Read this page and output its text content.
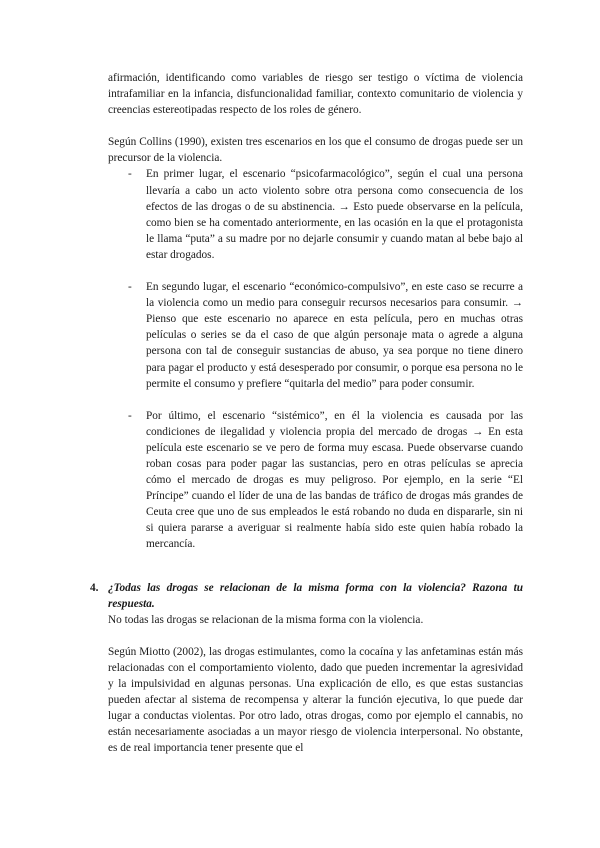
afirmación, identificando como variables de riesgo ser testigo o víctima de violencia intrafamiliar en la infancia, disfuncionalidad familiar, contexto comunitario de violencia y creencias estereotipadas respecto de los roles de género.

Según Collins (1990), existen tres escenarios en los que el consumo de drogas puede ser un precursor de la violencia.

- En primer lugar, el escenario “psicofarmacológico”, según el cual una persona llevaría a cabo un acto violento sobre otra persona como consecuencia de los efectos de las drogas o de su abstinencia. → Esto puede observarse en la película, como bien se ha comentado anteriormente, en las ocasión en la que el protagonista le llama “puta” a su madre por no dejarle consumir y cuando matan al bebe bajo al estar drogados.
- En segundo lugar, el escenario “económico-compulsivo”, en este caso se recurre a la violencia como un medio para conseguir recursos necesarios para consumir. → Pienso que este escenario no aparece en esta película, pero en muchas otras películas o series se da el caso de que algún personaje mata o agrede a alguna persona con tal de conseguir sustancias de abuso, ya sea porque no tiene dinero para pagar el producto y está desesperado por consumir, o porque esa persona no le permite el consumo y prefiere “quitarla del medio” para poder consumir.
- Por último, el escenario “sistémico”, en él la violencia es causada por las condiciones de ilegalidad y violencia propia del mercado de drogas → En esta película este escenario se ve pero de forma muy escasa. Puede observarse cuando roban cosas para poder pagar las sustancias, pero en otras películas se aprecia cómo el mercado de drogas es muy peligroso. Por ejemplo, en la serie “El Príncipe” cuando el líder de una de las bandas de tráfico de drogas más grandes de Ceuta cree que uno de sus empleados le está robando no duda en dispararle, sin ni si quiera pararse a averiguar si realmente había sido este quien había robado la mercancía.
4. ¿Todas las drogas se relacionan de la misma forma con la violencia? Razona tu respuesta.

No todas las drogas se relacionan de la misma forma con la violencia.

Según Miotto (2002), las drogas estimulantes, como la cocaína y las anfetaminas están más relacionadas con el comportamiento violento, dado que pueden incrementar la agresividad y la impulsividad en algunas personas. Una explicación de ello, es que estas sustancias pueden afectar al sistema de recompensa y alterar la función ejecutiva, lo que puede dar lugar a conductas violentas. Por otro lado, otras drogas, como por ejemplo el cannabis, no están necesariamente asociadas a un mayor riesgo de violencia interpersonal. No obstante, es de real importancia tener presente que el
